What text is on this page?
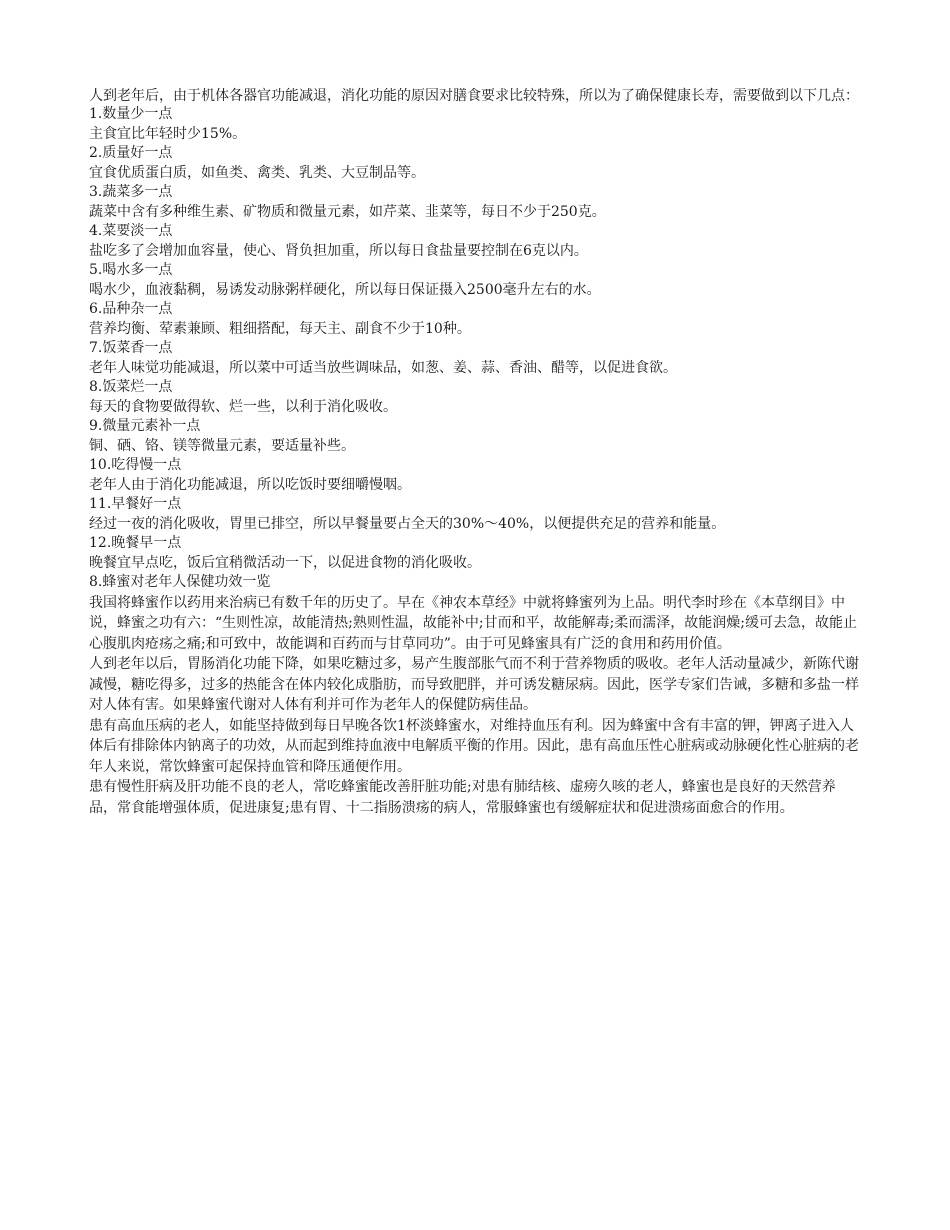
人到老年后，由于机体各器官功能减退，消化功能的原因对膳食要求比较特殊，所以为了确保健康长寿，需要做到以下几点：

1.数量少一点

主食宜比年轻时少15%。

2.质量好一点

宜食优质蛋白质，如鱼类、禽类、乳类、大豆制品等。

3.蔬菜多一点

蔬菜中含有多种维生素、矿物质和微量元素，如芹菜、韭菜等，每日不少于250克。

4.菜要淡一点

盐吃多了会增加血容量，使心、肾负担加重，所以每日食盐量要控制在6克以内。

5.喝水多一点

喝水少，血液黏稠，易诱发动脉粥样硬化，所以每日保证摄入2500毫升左右的水。

6.品种杂一点

营养均衡、荤素兼顾、粗细搭配，每天主、副食不少于10种。

7.饭菜香一点

老年人味觉功能减退，所以菜中可适当放些调味品，如葱、姜、蒜、香油、醋等，以促进食欲。

8.饭菜烂一点

每天的食物要做得软、烂一些，以利于消化吸收。

9.微量元素补一点

铜、硒、铬、镁等微量元素，要适量补些。

10.吃得慢一点

老年人由于消化功能减退，所以吃饭时要细嚼慢咽。

11.早餐好一点

经过一夜的消化吸收，胃里已排空，所以早餐量要占全天的30%～40%，以便提供充足的营养和能量。

12.晚餐早一点

晚餐宜早点吃，饭后宜稍微活动一下，以促进食物的消化吸收。

8.蜂蜜对老年人保健功效一览

我国将蜂蜜作以药用来治病已有数千年的历史了。早在《神农本草经》中就将蜂蜜列为上品。明代李时珍在《本草纲目》中说，蜂蜜之功有六：“生则性凉，故能清热;熟则性温，故能补中;甘而和平，故能解毒;柔而濡泽，故能润燥;缓可去急，故能止心腹肌肉疮疡之痛;和可致中，故能调和百药而与甘草同功”。由于可见蜂蜜具有广泛的食用和药用价值。

人到老年以后，胃肠消化功能下降，如果吃糖过多，易产生腹部胀气而不利于营养物质的吸收。老年人活动量减少，新陈代谢减慢，糖吃得多，过多的热能含在体内较化成脂肪，而导致肥胖，并可诱发糖尿病。因此，医学专家们告诫，多糖和多盐一样对人体有害。如果蜂蜜代谢对人体有利并可作为老年人的保健防病佳品。

患有高血压病的老人，如能坚持做到每日早晚各饮1杯淡蜂蜜水，对维持血压有利。因为蜂蜜中含有丰富的钾，钾离子进入人体后有排除体内钠离子的功效，从而起到维持血液中电解质平衡的作用。因此，患有高血压性心脏病或动脉硬化性心脏病的老年人来说，常饮蜂蜜可起保持血管和降压通便作用。

患有慢性肝病及肝功能不良的老人，常吃蜂蜜能改善肝脏功能;对患有肺结核、虚痨久咳的老人，蜂蜜也是良好的天然营养品，常食能增强体质，促进康复;患有胃、十二指肠溃疡的病人，常服蜂蜜也有缓解症状和促进溃疡面愈合的作用。
